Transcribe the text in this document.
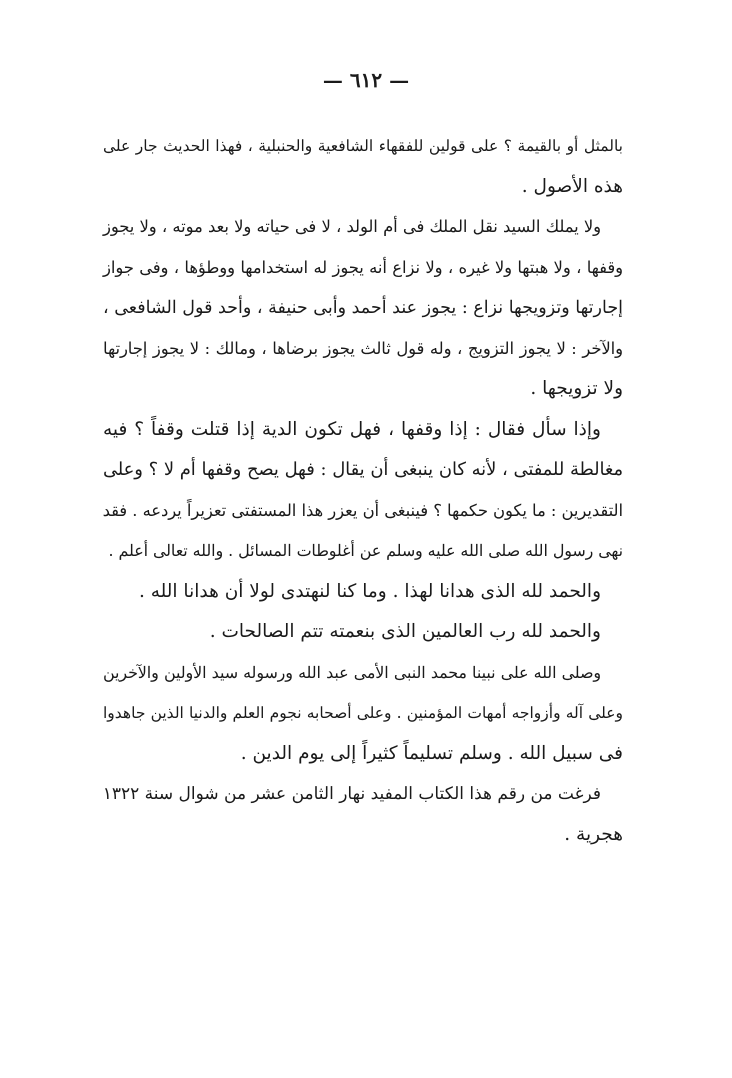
— ٦١٢ —

بالمثل أو بالقيمة ؟ على قولين للفقهاء الشافعية والحنبلية ، فهذا الحديث جار على
هذه الأصول .

ولا يملك السيد نقل الملك فى أم الولد ، لا فى حياته ولا بعد موته ، ولا يجوز
وقفها ، ولا هبتها ولا غيره ، ولا نزاع أنه يجوز له استخدامها ووطؤها ، وفى جواز
إجارتها وتزويجها نزاع : يجوز عند أحمد وأبى حنيفة ، وأحد قول الشافعى ،
والآخر : لا يجوز التزويج ، وله قول ثالث يجوز برضاها ، ومالك : لا يجوز إجارتها
ولا تزويجها .

وإذا سأل فقال : إذا وقفها ، فهل تكون الدية إذا قتلت وقفاً ؟ فيه
مغالطة للمفتى ، لأنه كان ينبغى أن يقال : فهل يصح وقفها أم لا ؟ وعلى
التقديرين : ما يكون حكمها ؟ فينبغى أن يعزر هذا المستفتى تعزيراً يردعه . فقد
نهى رسول الله صلى الله عليه وسلم عن أغلوطات المسائل . والله تعالى أعلم .

والحمد لله الذى هدانا لهذا . وما كنا لنهتدى لولا أن هدانا الله .

والحمد لله رب العالمين الذى بنعمته تتم الصالحات .

وصلى الله على نبينا محمد النبى الأمى عبد الله ورسوله سيد الأولين والآخرين
وعلى آله وأزواجه أمهات المؤمنين . وعلى أصحابه نجوم العلم والدنيا الذين جاهدوا
فى سبيل الله . وسلم تسليماً كثيراً إلى يوم الدين .

فرغت من رقم هذا الكتاب المفيد نهار الثامن عشر من شوال سنة ١٣٢٢
هجرية .
